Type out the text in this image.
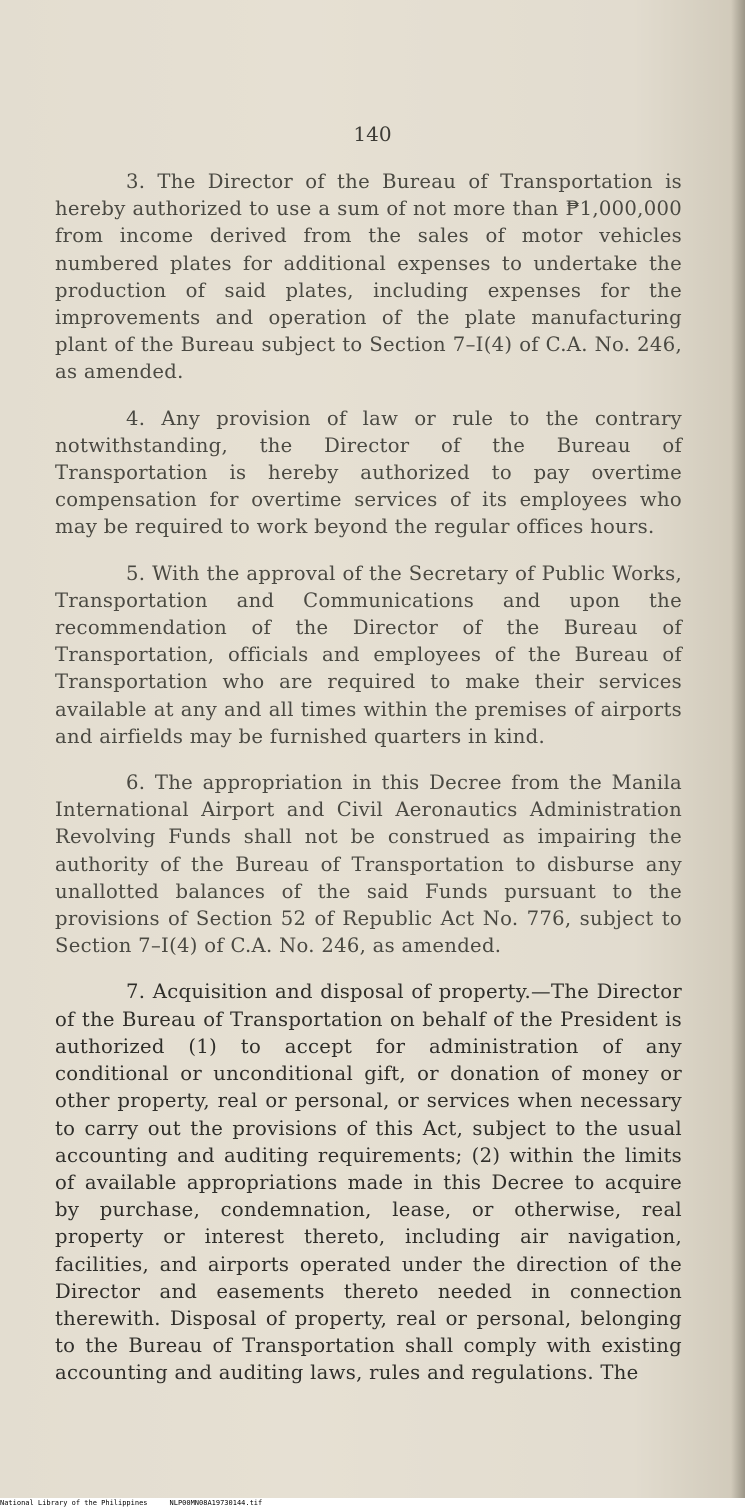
140

3. The Director of the Bureau of Transportation is hereby authorized to use a sum of not more than ₱1,000,000 from income derived from the sales of motor vehicles numbered plates for additional expenses to undertake the production of said plates, including expenses for the improvements and operation of the plate manufacturing plant of the Bureau subject to Section 7–I(4) of C.A. No. 246, as amended.

4. Any provision of law or rule to the contrary notwithstanding, the Director of the Bureau of Transportation is hereby authorized to pay overtime compensation for overtime services of its employees who may be required to work beyond the regular offices hours.

5. With the approval of the Secretary of Public Works, Transportation and Communications and upon the recommendation of the Director of the Bureau of Transportation, officials and employees of the Bureau of Transportation who are required to make their services available at any and all times within the premises of airports and airfields may be furnished quarters in kind.

6. The appropriation in this Decree from the Manila International Airport and Civil Aeronautics Administration Revolving Funds shall not be construed as impairing the authority of the Bureau of Transportation to disburse any unallotted balances of the said Funds pursuant to the provisions of Section 52 of Republic Act No. 776, subject to Section 7–I(4) of C.A. No. 246, as amended.

7. Acquisition and disposal of property.—The Director of the Bureau of Transportation on behalf of the President is authorized (1) to accept for administration of any conditional or unconditional gift, or donation of money or other property, real or personal, or services when necessary to carry out the provisions of this Act, subject to the usual accounting and auditing requirements; (2) within the limits of available appropriations made in this Decree to acquire by purchase, condemnation, lease, or otherwise, real property or interest thereto, including air navigation, facilities, and airports operated under the direction of the Director and easements thereto needed in connection therewith. Disposal of property, real or personal, belonging to the Bureau of Transportation shall comply with existing accounting and auditing laws, rules and regulations. The

National Library of the Philippines	NLP00MN08A19730144.tif
